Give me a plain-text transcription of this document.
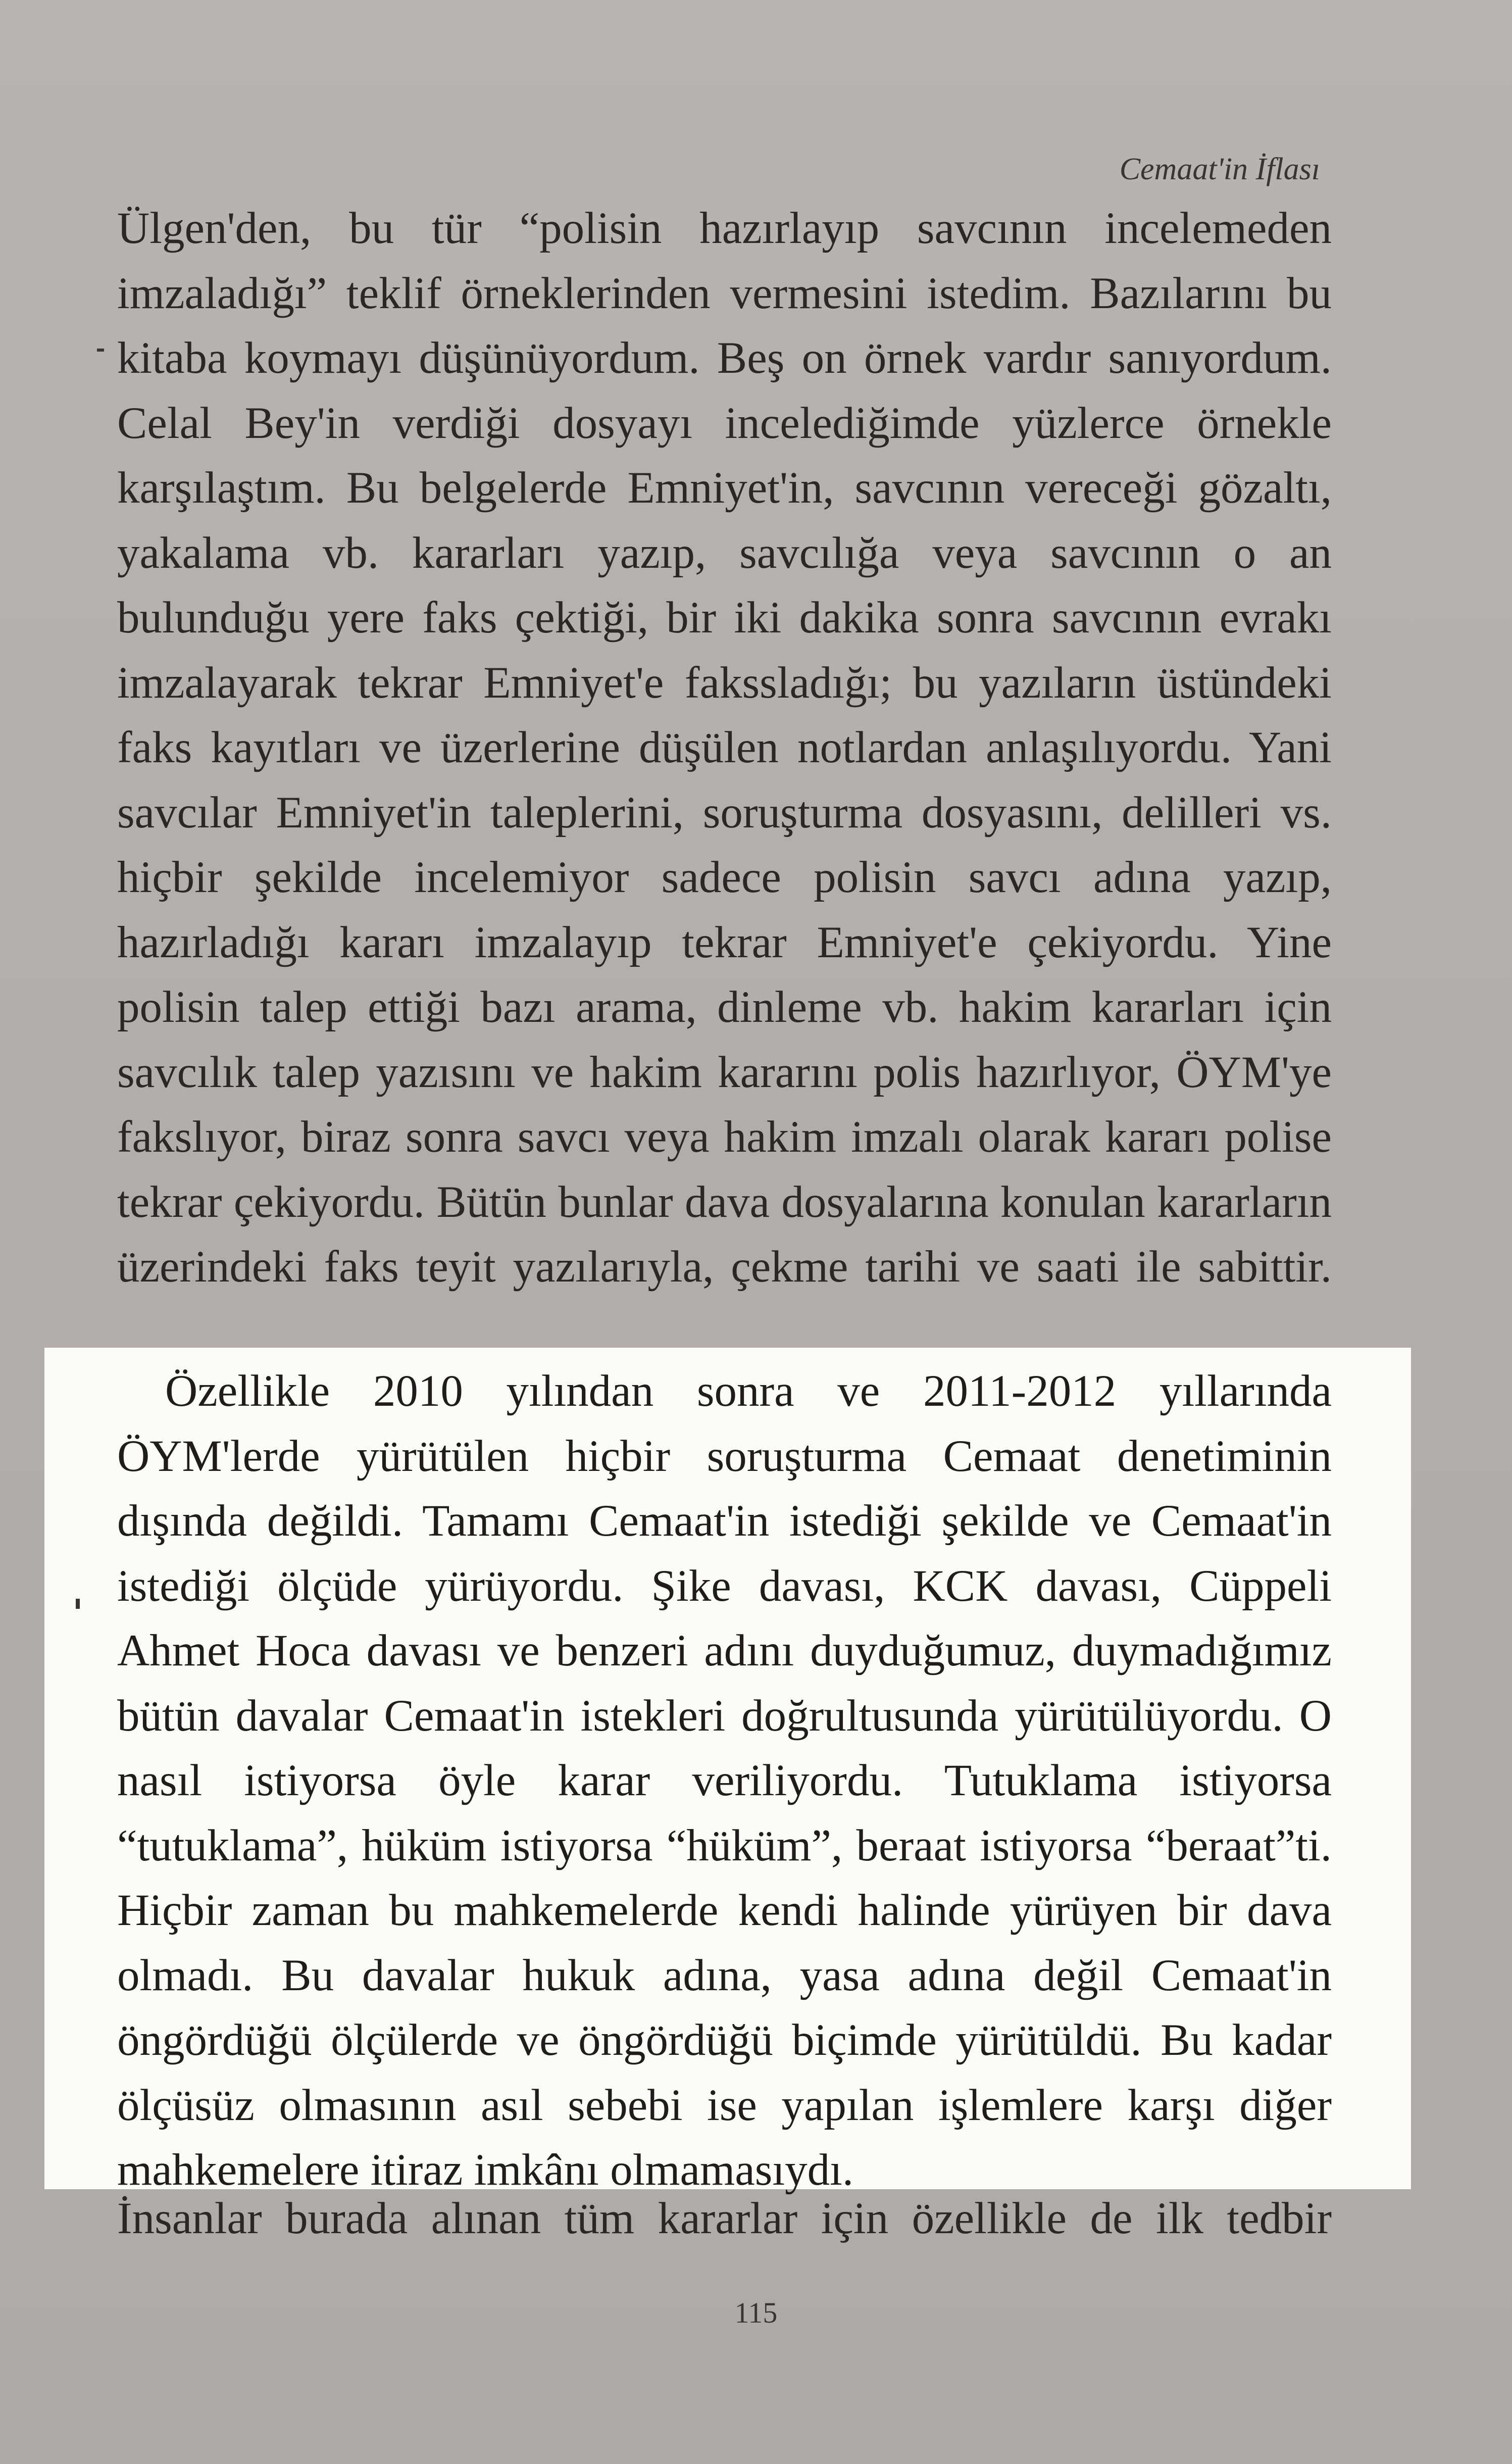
Cemaat'in İflası

Ülgen'den, bu tür “polisin hazırlayıp savcının incelemeden imzaladığı” teklif örneklerinden vermesini istedim. Bazılarını bu kitaba koymayı düşünüyordum. Beş on örnek vardır sanıyordum. Celal Bey'in verdiği dosyayı incelediğimde yüzlerce örnekle karşılaştım. Bu belgelerde Emniyet'in, savcının vereceği gözaltı, yakalama vb. kararları yazıp, savcılığa veya savcının o an bulunduğu yere faks çektiği, bir iki dakika sonra savcının evrakı imzalayarak tekrar Emniyet'e fakssladığı; bu yazıların üstündeki faks kayıtları ve üzerlerine düşülen notlardan anlaşılıyordu. Yani savcılar Emniyet'in taleplerini, soruşturma dosyasını, delilleri vs. hiçbir şekilde incelemiyor sadece polisin savcı adına yazıp, hazırladığı kararı imzalayıp tekrar Emniyet'e çekiyordu. Yine polisin talep ettiği bazı arama, dinleme vb. hakim kararları için savcılık talep yazısını ve hakim kararını polis hazırlıyor, ÖYM'ye fakslıyor, biraz sonra savcı veya hakim imzalı olarak kararı polise tekrar çekiyordu. Bütün bunlar dava dosyalarına konulan kararların üzerindeki faks teyit yazılarıyla, çekme tarihi ve saati ile sabittir.

Özellikle 2010 yılından sonra ve 2011-2012 yıllarında ÖYM'lerde yürütülen hiçbir soruşturma Cemaat denetiminin dışında değildi. Tamamı Cemaat'in istediği şekilde ve Cemaat'in istediği ölçüde yürüyordu. Şike davası, KCK davası, Cüppeli Ahmet Hoca davası ve benzeri adını duyduğumuz, duymadığımız bütün davalar Cemaat'in istekleri doğrultusunda yürütülüyordu. O nasıl istiyorsa öyle karar veriliyordu. Tutuklama istiyorsa “tutuklama”, hüküm istiyorsa “hüküm”, beraat istiyorsa “beraat”ti. Hiçbir zaman bu mahkemelerde kendi halinde yürüyen bir dava olmadı. Bu davalar hukuk adına, yasa adına değil Cemaat'in öngördüğü ölçülerde ve öngördüğü biçimde yürütüldü. Bu kadar ölçüsüz olmasının asıl sebebi ise yapılan işlemlere karşı diğer mahkemelere itiraz imkânı olmamasıydı.

İnsanlar burada alınan tüm kararlar için özellikle de ilk tedbir

115
